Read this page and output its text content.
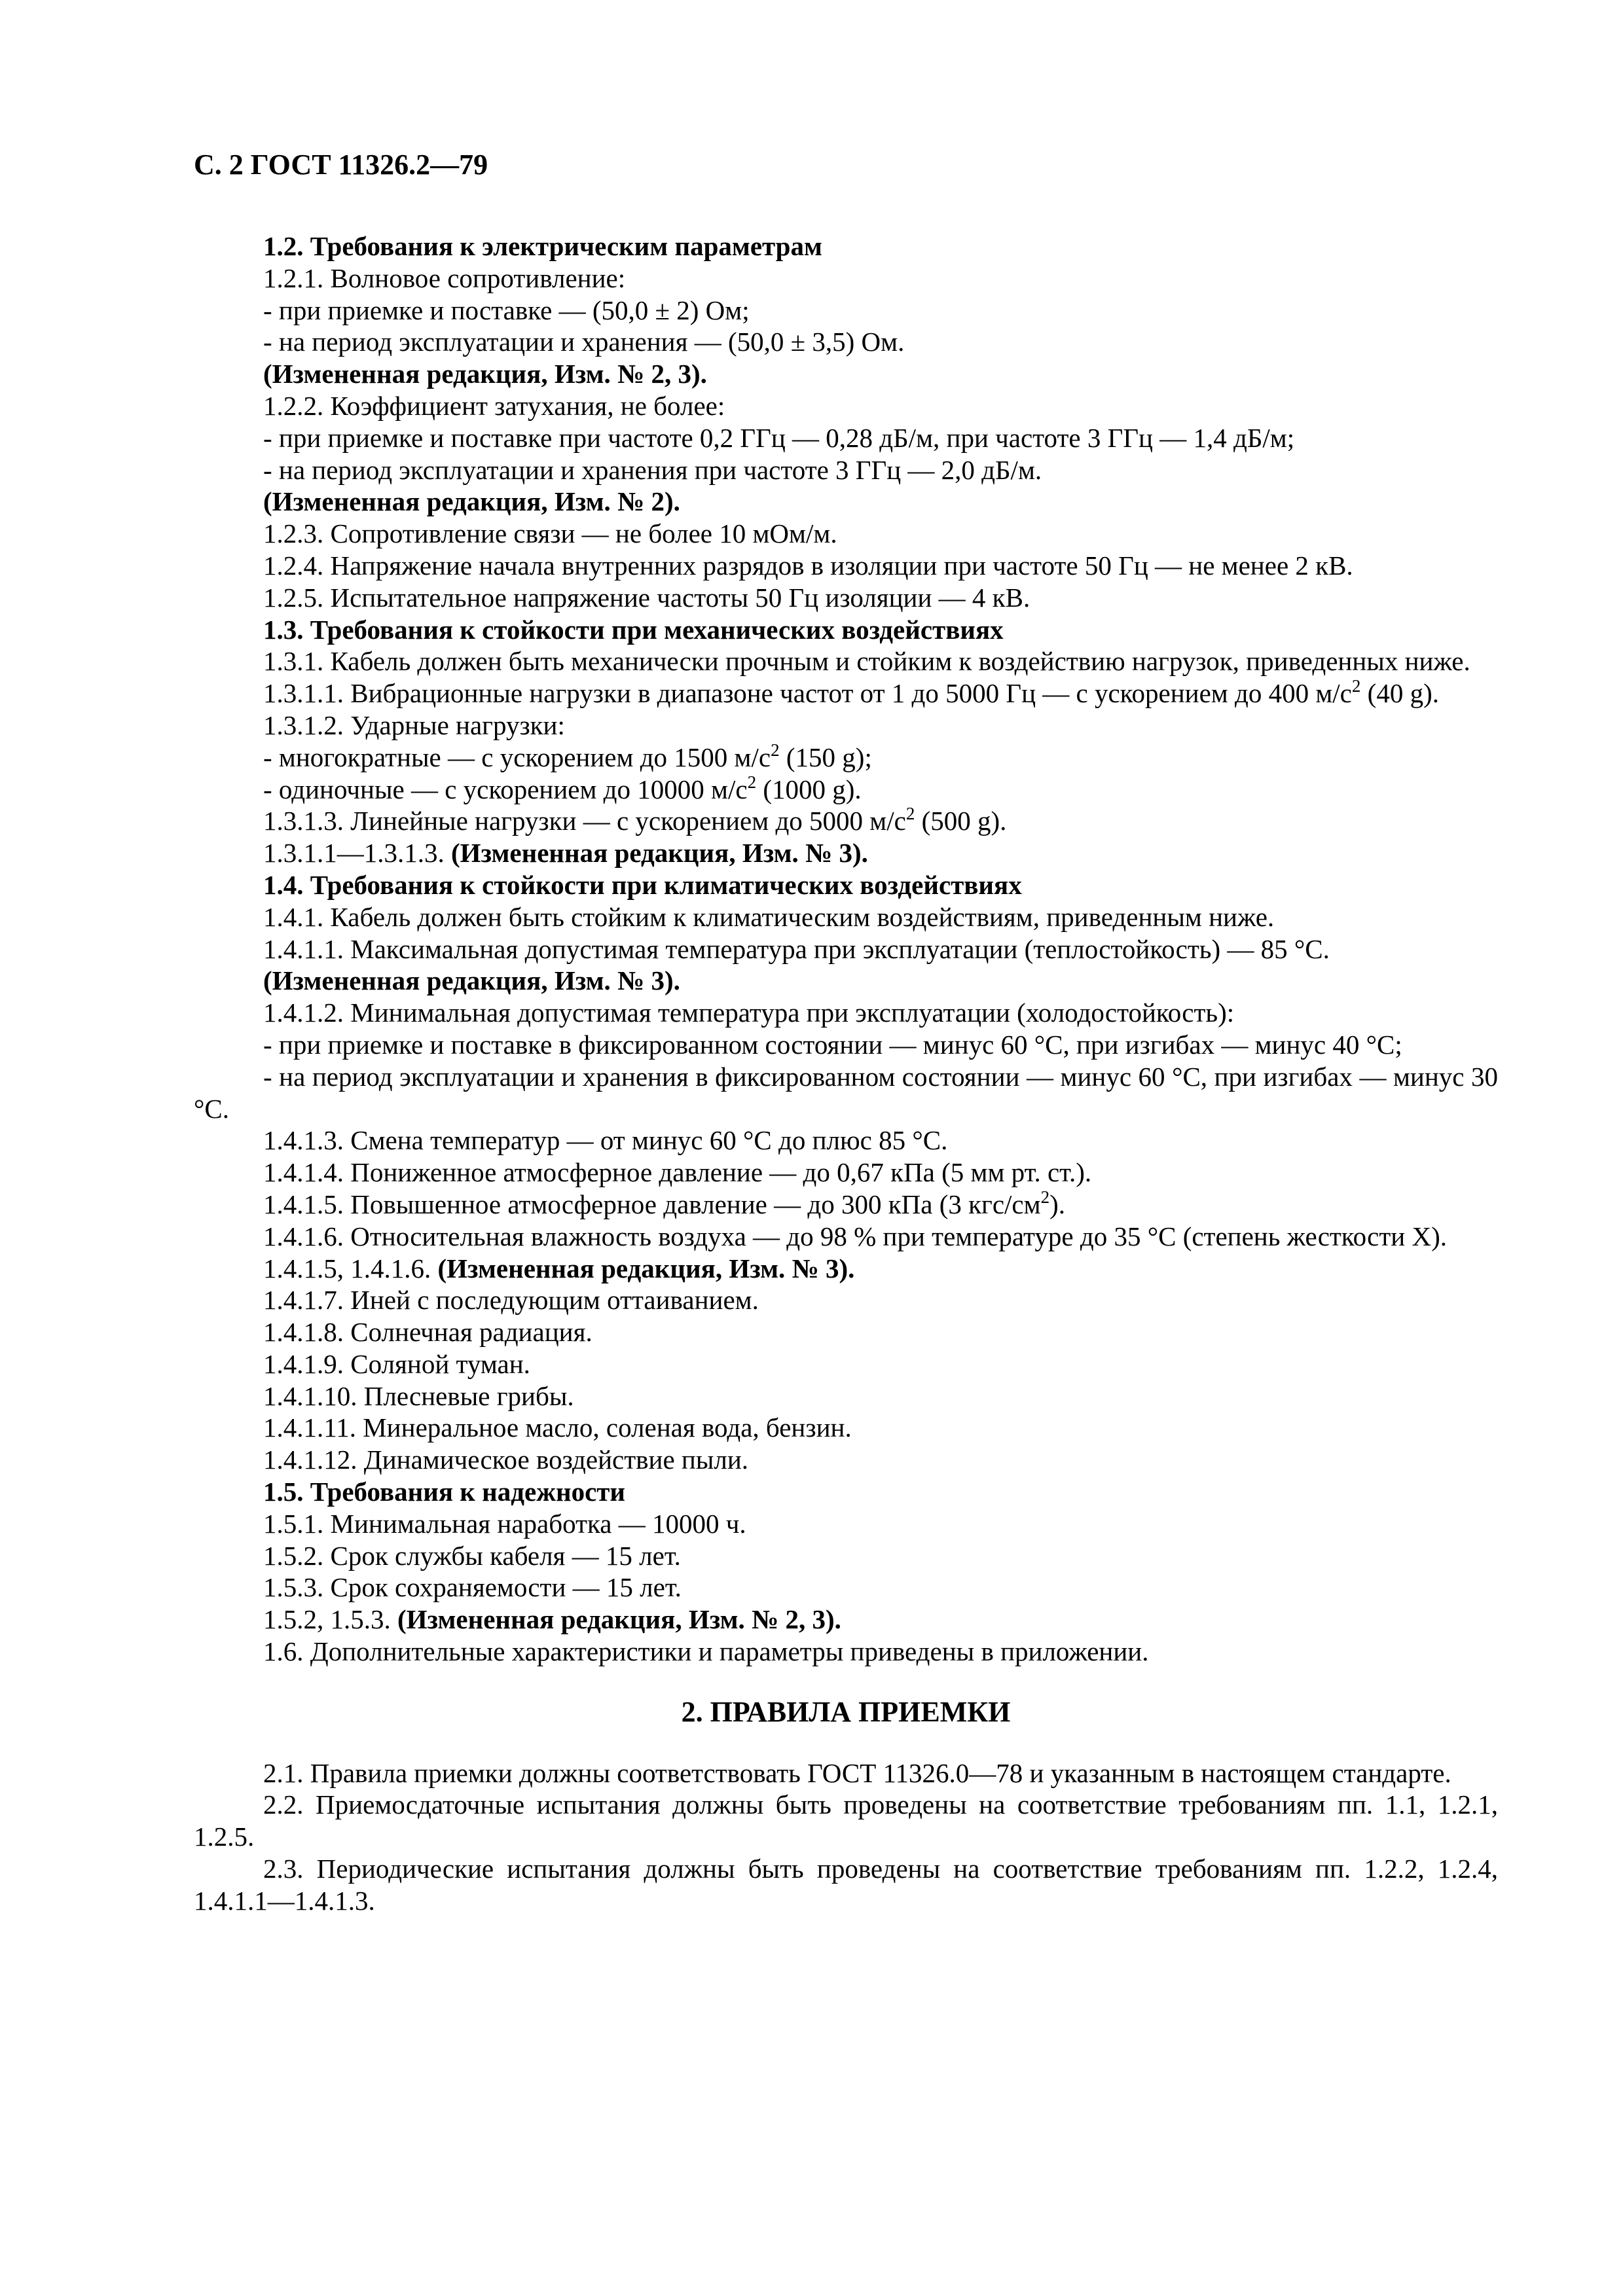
С. 2 ГОСТ 11326.2—79

1.2. Требования к электрическим параметрам

1.2.1. Волновое сопротивление:

- при приемке и поставке — (50,0 ± 2) Ом;

- на период эксплуатации и хранения — (50,0 ± 3,5) Ом.

(Измененная редакция, Изм. № 2, 3).

1.2.2. Коэффициент затухания, не более:

- при приемке и поставке при частоте 0,2 ГГц — 0,28 дБ/м, при частоте 3 ГГц — 1,4 дБ/м;

- на период эксплуатации и хранения при частоте 3 ГГц — 2,0 дБ/м.

(Измененная редакция, Изм. № 2).

1.2.3. Сопротивление связи — не более 10 мОм/м.

1.2.4. Напряжение начала внутренних разрядов в изоляции при частоте 50 Гц — не менее 2 кВ.

1.2.5. Испытательное напряжение частоты 50 Гц изоляции — 4 кВ.

1.3. Требования к стойкости при механических воздействиях

1.3.1. Кабель должен быть механически прочным и стойким к воздействию нагрузок, приведенных ниже.

1.3.1.1. Вибрационные нагрузки в диапазоне частот от 1 до 5000 Гц — с ускорением до 400 $м/с^2$ (40 g).

1.3.1.2. Ударные нагрузки:

- многократные — с ускорением до 1500 $м/с^2$ (150 g);

- одиночные — с ускорением до 10000 $м/с^2$ (1000 g).

1.3.1.3. Линейные нагрузки — с ускорением до 5000 $м/с^2$ (500 g).

1.3.1.1—1.3.1.3. (Измененная редакция, Изм. № 3).

1.4. Требования к стойкости при климатических воздействиях

1.4.1. Кабель должен быть стойким к климатическим воздействиям, приведенным ниже.

1.4.1.1. Максимальная допустимая температура при эксплуатации (теплостойкость) — 85 °С.

(Измененная редакция, Изм. № 3).

1.4.1.2. Минимальная допустимая температура при эксплуатации (холодостойкость):

- при приемке и поставке в фиксированном состоянии — минус 60 °С, при изгибах — минус 40 °С;

- на период эксплуатации и хранения в фиксированном состоянии — минус 60 °С, при изгибах — минус 30 °С.

1.4.1.3. Смена температур — от минус 60 °С до плюс 85 °С.

1.4.1.4. Пониженное атмосферное давление — до 0,67 кПа (5 мм рт. ст.).

1.4.1.5. Повышенное атмосферное давление — до 300 кПа (3 кгс/$см^2$).

1.4.1.6. Относительная влажность воздуха — до 98 % при температуре до 35 °С (степень жесткости X).

1.4.1.5, 1.4.1.6. (Измененная редакция, Изм. № 3).

1.4.1.7. Иней с последующим оттаиванием.

1.4.1.8. Солнечная радиация.

1.4.1.9. Соляной туман.

1.4.1.10. Плесневые грибы.

1.4.1.11. Минеральное масло, соленая вода, бензин.

1.4.1.12. Динамическое воздействие пыли.

1.5. Требования к надежности

1.5.1. Минимальная наработка — 10000 ч.

1.5.2. Срок службы кабеля — 15 лет.

1.5.3. Срок сохраняемости — 15 лет.

1.5.2, 1.5.3. (Измененная редакция, Изм. № 2, 3).

1.6. Дополнительные характеристики и параметры приведены в приложении.

2. ПРАВИЛА ПРИЕМКИ

2.1. Правила приемки должны соответствовать ГОСТ 11326.0—78 и указанным в настоящем стандарте.

2.2. Приемосдаточные испытания должны быть проведены на соответствие требованиям пп. 1.1, 1.2.1, 1.2.5.

2.3. Периодические испытания должны быть проведены на соответствие требованиям пп. 1.2.2, 1.2.4, 1.4.1.1—1.4.1.3.
